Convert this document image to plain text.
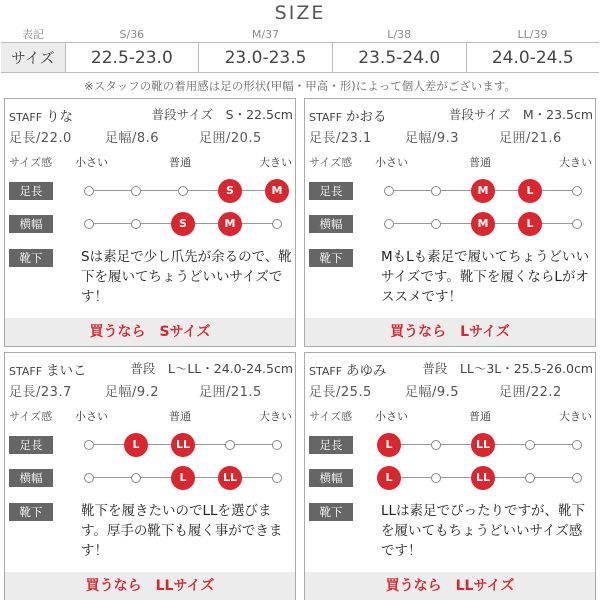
SIZE
表記	S/36	M/37	L/38	LL/39
サイズ	22.5-23.0	23.0-23.5	23.5-24.0	24.0-24.5
※スタッフの靴の着用感は足の形状(甲幅・甲高・形)によって個人差がございます。
STAFF りな	普段サイズ　S・22.5cm
足長/22.0	足幅/8.6	足囲/20.5
サイズ感 小さい	普通	大きい
足長
横幅
靴下
S	M
S	M
Sは素足で少し爪先が余るので、靴下を履いてちょうどいいサイズです！
買うなら　Sサイズ
STAFF かおる	普段サイズ　M・23.5cm
足長/23.1	足幅/9.3	足囲/21.6
サイズ感 小さい	普通	大きい
足長
横幅
靴下
M	L
M	L
MもLも素足で履いてちょうどいいサイズです。靴下を履くならLがオススメです！
買うなら　Lサイズ
STAFF まいこ	普段　L〜LL・24.0-24.5cm
足長/23.7	足幅/9.2	足囲/21.5
サイズ感 小さい	普通	大きい
足長
横幅
靴下
L	LL
L	LL
靴下を履きたいのでLLを選びます。厚手の靴下も履く事ができます！
買うなら　LLサイズ
STAFF あゆみ	普段　LL〜3L・25.5-26.0cm
足長/25.5	足幅/9.5	足囲/22.2
サイズ感 小さい	普通	大きい
足長
横幅
靴下
L	LL
L	LL
LLは素足でぴったりですが、靴下を履いてもちょうどいいサイズ感です！
買うなら　LLサイズ
